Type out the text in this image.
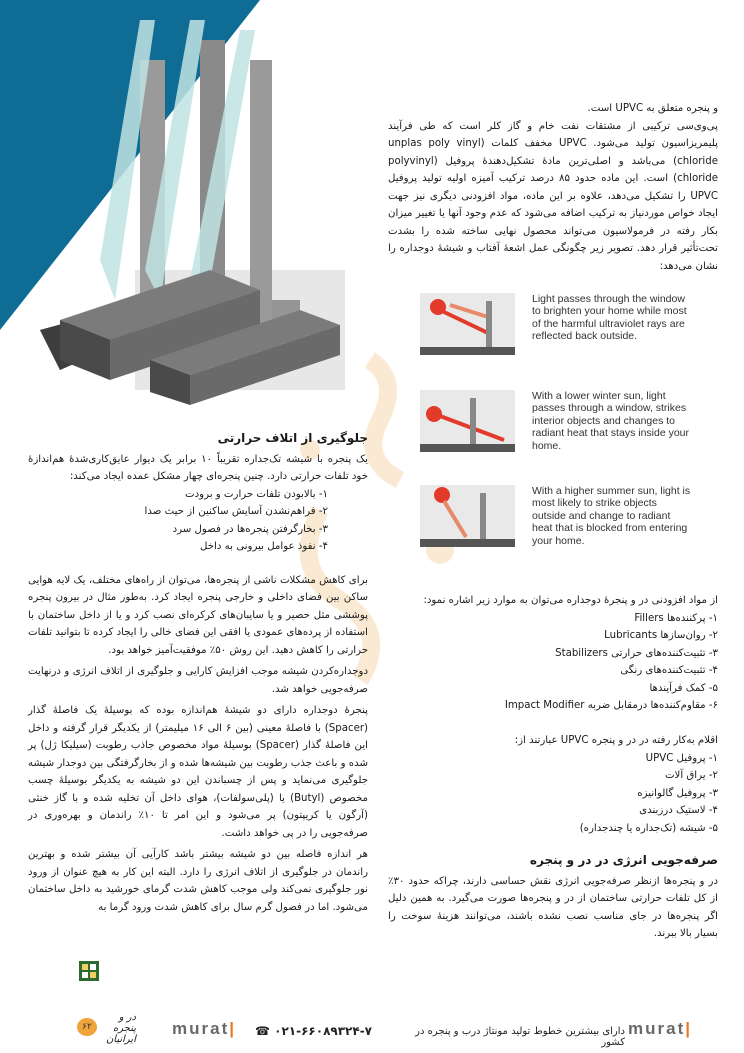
و پنجره متعلق به UPVC است.

پی‌وی‌سی ترکیبی از مشتقات نفت خام و گاز کلر است که طی فرآیند پلیمریزاسیون تولید می‌شود. UPVC مخفف کلمات (unplas poly vinyl chloride) می‌باشد و اصلی‌ترین مادهٔ تشکیل‌دهندهٔ پروفیل (polyvinyl chloride) است. این ماده حدود ۸۵ درصد ترکیب آمیزه اولیه تولید پروفیل UPVC را تشکیل می‌دهد، علاوه بر این ماده، مواد افزودنی دیگری نیز جهت ایجاد خواص موردنیاز به ترکیب اضافه می‌شود که عدم وجود آنها یا تغییر میزان بکار رفته در فرمولاسیون می‌تواند محصول نهایی ساخته شده را بشدت تحت‌تأثیر قرار دهد. تصویر زیر چگونگی عمل اشعهٔ آفتاب و شیشهٔ دوجداره را نشان می‌دهد:

Light passes through the window to brighten your home while most of the harmful ultraviolet rays are reflected back outside.
With a lower winter sun, light passes through a window, strikes interior objects and changes to radiant heat that stays inside your home.
With a higher summer sun, light is most likely to strike objects outside and change to radiant heat that is blocked from entering your home.

از مواد افزودنی در و پنجرهٔ دوجداره می‌توان به موارد زیر اشاره نمود:

۱- پرکننده‌ها Fillers
۲- روان‌سازها Lubricants
۳- تثبیت‌کننده‌های حرارتی Stabilizers
۴- تثبیت‌کننده‌های رنگی
۵- کمک فرآیندها
۶- مقاوم‌کننده‌ها درمقابل ضربه Impact Modifier

اقلام به‌کار رفته در در و پنجره UPVC عبارتند از:

۱- پروفیل UPVC
۲- یراق آلات
۳- پروفیل گالوانیزه
۴- لاستیک درزبندی
۵- شیشه (تک‌جداره یا چندجداره)
صرفه‌جویی انرژی در در و پنجره

در و پنجره‌ها ازنظر صرفه‌جویی انرژی نقش حساسی دارند، چراکه حدود ۳۰٪ از کل تلفات حرارتی ساختمان از در و پنجره‌ها صورت می‌گیرد. به همین دلیل اگر پنجره‌ها در جای مناسب نصب نشده باشند، می‌توانند هزینهٔ سوخت را بسیار بالا ببرند.

جلوگیری از اتلاف حرارتی

یک پنجره با شیشه تک‌جداره تقریباً ۱۰ برابر یک دیوار عایق‌کاری‌شدهٔ هم‌اندازهٔ خود تلفات حرارتی دارد. چنین پنجره‌ای چهار مشکل عمده ایجاد می‌کند:

۱- بالابودن تلفات حرارت و برودت
۲- فراهم‌نشدن آسایش ساکنین از حیث صدا
۳- بخارگرفتن پنجره‌ها در فصول سرد
۴- نفوذ عوامل بیرونی به داخل

برای کاهش مشکلات ناشی از پنجره‌ها، می‌توان از راه‌های مختلف، یک لایه هوایی ساکن بین فضای داخلی و خارجی پنجره ایجاد کرد. به‌طور مثال در بیرون پنجره پوششی مثل حصیر و یا سایبان‌های کرکره‌ای نصب کرد و یا از داخل ساختمان با استفاده از پرده‌های عمودی یا افقی این فضای خالی را ایجاد کرده تا بتوانید تلفات حرارتی را کاهش دهید. این روش ۵۰٪ موفقیت‌آمیز خواهد بود.

دوجداره‌کردن شیشه موجب افزایش کارایی و جلوگیری از اتلاف انرژی و درنهایت صرفه‌جویی خواهد شد.

پنجرهٔ دوجداره دارای دو شیشهٔ هم‌اندازه بوده که بوسیلهٔ یک فاصلهٔ گذار (Spacer) با فاصلهٔ معینی (بین ۶ الی ۱۶ میلیمتر) از یکدیگر قرار گرفته و داخل این فاصلهٔ گذار (Spacer) بوسیلهٔ مواد مخصوص جاذب رطوبت (سیلیکا ژل) پر شده و باعث جذب رطوبت بین شیشه‌ها شده و از بخارگرفتگی بین دوجدار شیشه جلوگیری می‌نماید و پس از چسباندن این دو شیشه به یکدیگر بوسیلهٔ چسب مخصوص (Butyl) یا (پلی‌سولفات)، هوای داخل آن تخلیه شده و با گاز خنثی (آرگون یا کریپتون) پر می‌شود و این امر تا ۱۰٪ راندمان و بهره‌وری در صرفه‌جویی را در پی خواهد داشت.

هر اندازه فاصله بین دو شیشه بیشتر باشد کارآیی آن بیشتر شده و بهترین راندمان در جلوگیری از اتلاف انرژی را دارد. البته این کار به هیچ عنوان از ورود نور جلوگیری نمی‌کند ولی موجب کاهش شدت گرمای خورشید به داخل ساختمان می‌شود. اما در فصول گرم سال برای کاهش شدت ورود گرما به

murat|
دارای بیشترین خطوط تولید مونتاژ درب و پنجره در کشور
☎ ۰۲۱-۶۶۰۸۹۳۲۴-۷
murat|
در و پنجره ایرانیان
۶۲
